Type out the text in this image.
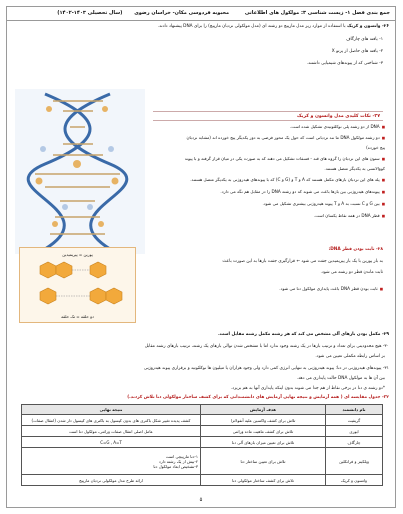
جمع بندی فصل ۱- زیست شناسی ۳: مولکول های اطلاعاتی محبوبه فردوسی مکان- خراسان رضوی (سال تحصیلی ۱۴۰۳-۱۴۰۲)
۲۶- واتسون و کریک با استفاده از موارد زیر مدل مارپیچ دو رشته ای (مدل مولکولی نردبان مارپیچ) را برای DNA پیشنهاد دادند.
۱- یافته های چارگاف
۲- یافته های حاصل از پرتو X
۳- شناختی که از پیوندهای شیمیایی داشتند.
۲۷- نکات کلیدی مدل واتسون و کریک
■ DNA از دو رشته پلی نوکلئوتیدی تشکیل شده است.
■ دو رشته مولکول DNA ما نند نردبانی است که حول یک محور فرضی به دور یکدیگر پیچ خورده اند (مشابه نردبان
پیچ خورده)
■ ستون های این نردبان را گروه های قند - فسفات تشکیل می دهند که به صورت یکی در میان قرار گرفته و با پیوند
کووالانسی به یکدیگر متصل هستند.
■ پله های این نردبان بازهای مکمل هستند که A و T و (G و C) که با پیوندهای هیدروژنی به یکدیگر متصل هستند.
■ پیوندهای هیدروژنی بین بازها باعث می شوند که دو رشته DNA را در مقابل هم نگه می دارد.
■ بین G و C نسبت به A و T پیوند هیدروژنی بیشتری تشکیل می شود.
■ قطر DNA در همه نقاط یکسان است.
پورین = پیریمیدین
دو حلقه = تک حلقه
۲۸- ثابت بودن قطر DNA:
به باز پورین با یک باز پیریمیدین جفت می شود ← قرارگیری جفت بازها به این صورت باعث
ثابت ماندن قطر دو رشته می شود.
■ ثابت بودن قطر DNA باعث پایداری مولکول دنا می شود.
۲۹- مکمل بودن بازهای آلی مشخص می کند که هر رشته مکمل رشته مقابل است.
۳۰- هیچ محدودیتی برای تعداد و ترتیب بازها در یک رشته وجود ندارد اما با مشخص شدن توالی بازهای یک رشته، ترتیب بازهای رشته مقابل
بر اساس رابطه مکملی تعیین می شود.
۳۱- پیوندهای هیدروژنی در دنا: پیوند هیدروژنی به تنهایی انرژی کمی دارد ولی وجود هزاران یا میلیون ها نوکلئوتید و برقراری پیوند هیدروژنی
بین آن ها به مولکول DNA حالت پایداری می دهد.
*دو رشته ی دنا در برخی نقاط از هم جدا می شوند بدون اینکه پایداری آنها به هم بریزد.
۳۲- جدول مقایسه ای ( همه آزمایش و نتیجه نهایی آزمایش های دانشمندانی که برای کشف ساختار مولکولی دنا تلاش کردند.)
نام دانشمند	هدف آزمایش	نتیجه نهایی
گریفیت	تلاش برای کشف واکسین علیه آنفولانزا	کشف پدیده تغییر شکل باکتری های بدون کپسول به باکتری های کپسول دار شدن (انتقال صفات)
ایوری	تلاش برای کشف ماهیت ماده وراثتی	عامل اصلی انتقال صفات وراثتی، مولکول دنا است
چارگاف	تلاش برای تعیین میزان بازهای آلی دنا	C=G , A=T
ویلکینز و فرانکلین	تلاش برای تعیین ساختار دنا	۱-دنا مارپیچی است
۲-بیش از یک رشته دارد
۳-تشخیص ابعاد مولکول دنا
واتسون و کریک	تلاش برای کشف ساختار مولکولی دنا	ارائه طرح مدل مولکولی نردبان مارپیچ
۵
